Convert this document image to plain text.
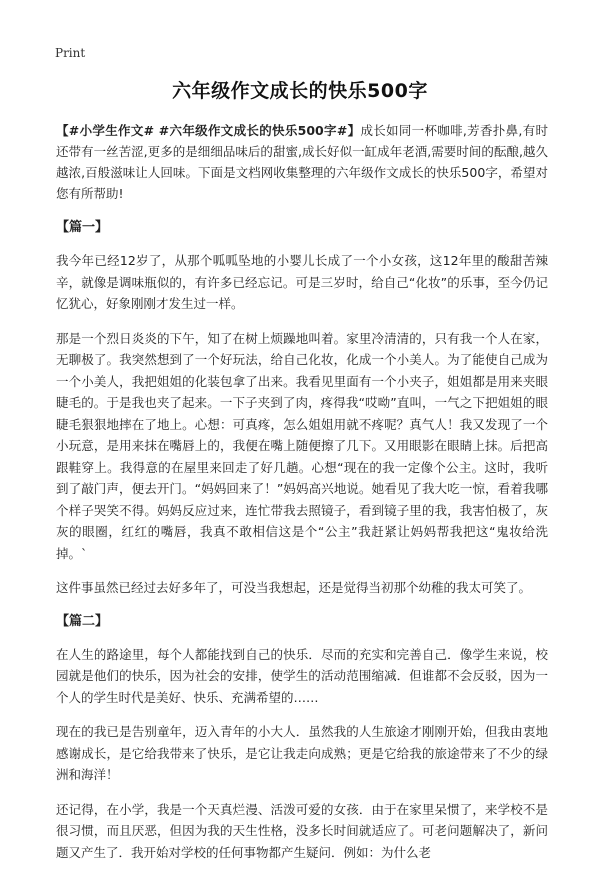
Print
六年级作文成长的快乐500字

【#小学生作文# #六年级作文成长的快乐500字#】成长如同一杯咖啡,芳香扑鼻,有时还带有一丝苦涩,更多的是细细品味后的甜蜜,成长好似一缸成年老酒,需要时间的酝酿,越久越浓,百般滋味让人回味。下面是文档网收集整理的六年级作文成长的快乐500字，希望对您有所帮助!

【篇一】

我今年已经12岁了，从那个呱呱坠地的小婴儿长成了一个小女孩，这12年里的酸甜苦辣辛，就像是调味瓶似的，有许多已经忘记。可是三岁时，给自己“化妆”的乐事，至今仍记忆犹心，好象刚刚才发生过一样。

那是一个烈日炎炎的下午，知了在树上烦躁地叫着。家里冷清清的，只有我一个人在家，无聊极了。我突然想到了一个好玩法，给自己化妆，化成一个小美人。为了能使自己成为一个小美人，我把姐姐的化装包拿了出来。我看见里面有一个小夹子，姐姐都是用来夹眼睫毛的。于是我也夹了起来。一下子夹到了肉，疼得我“哎呦”直叫，一气之下把姐姐的眼睫毛狠狠地摔在了地上。心想：可真疼，怎么姐姐用就不疼呢？真气人！我又发现了一个小玩意，是用来抹在嘴唇上的，我便在嘴上随便擦了几下。又用眼影在眼睛上抹。后把高跟鞋穿上。我得意的在屋里来回走了好几趟。心想“现在的我一定像个公主。这时，我听到了敲门声，便去开门。“妈妈回来了！”妈妈高兴地说。她看见了我大吃一惊，看着我哪个样子哭笑不得。妈妈反应过来，连忙带我去照镜子，看到镜子里的我，我害怕极了，灰灰的眼圈，红红的嘴唇，我真不敢相信这是个“公主”我赶紧让妈妈帮我把这“鬼妆给洗掉。`

这件事虽然已经过去好多年了，可没当我想起，还是觉得当初那个幼稚的我太可笑了。

【篇二】

在人生的路途里，每个人都能找到自己的快乐．尽而的充实和完善自己．像学生来说，校园就是他们的快乐，因为社会的安排，使学生的活动范围缩减．但谁都不会反驳，因为一个人的学生时代是美好、快乐、充满希望的……

现在的我已是告别童年，迈入青年的小大人．虽然我的人生旅途才刚刚开始，但我由衷地感谢成长，是它给我带来了快乐，是它让我走向成熟；更是它给我的旅途带来了不少的绿洲和海洋！

还记得，在小学，我是一个天真烂漫、活泼可爱的女孩．由于在家里呆惯了，来学校不是很习惯，而且厌恶，但因为我的天生性格，没多长时间就适应了。可老问题解决了，新问题又产生了．我开始对学校的任何事物都产生疑问．例如：为什么老
